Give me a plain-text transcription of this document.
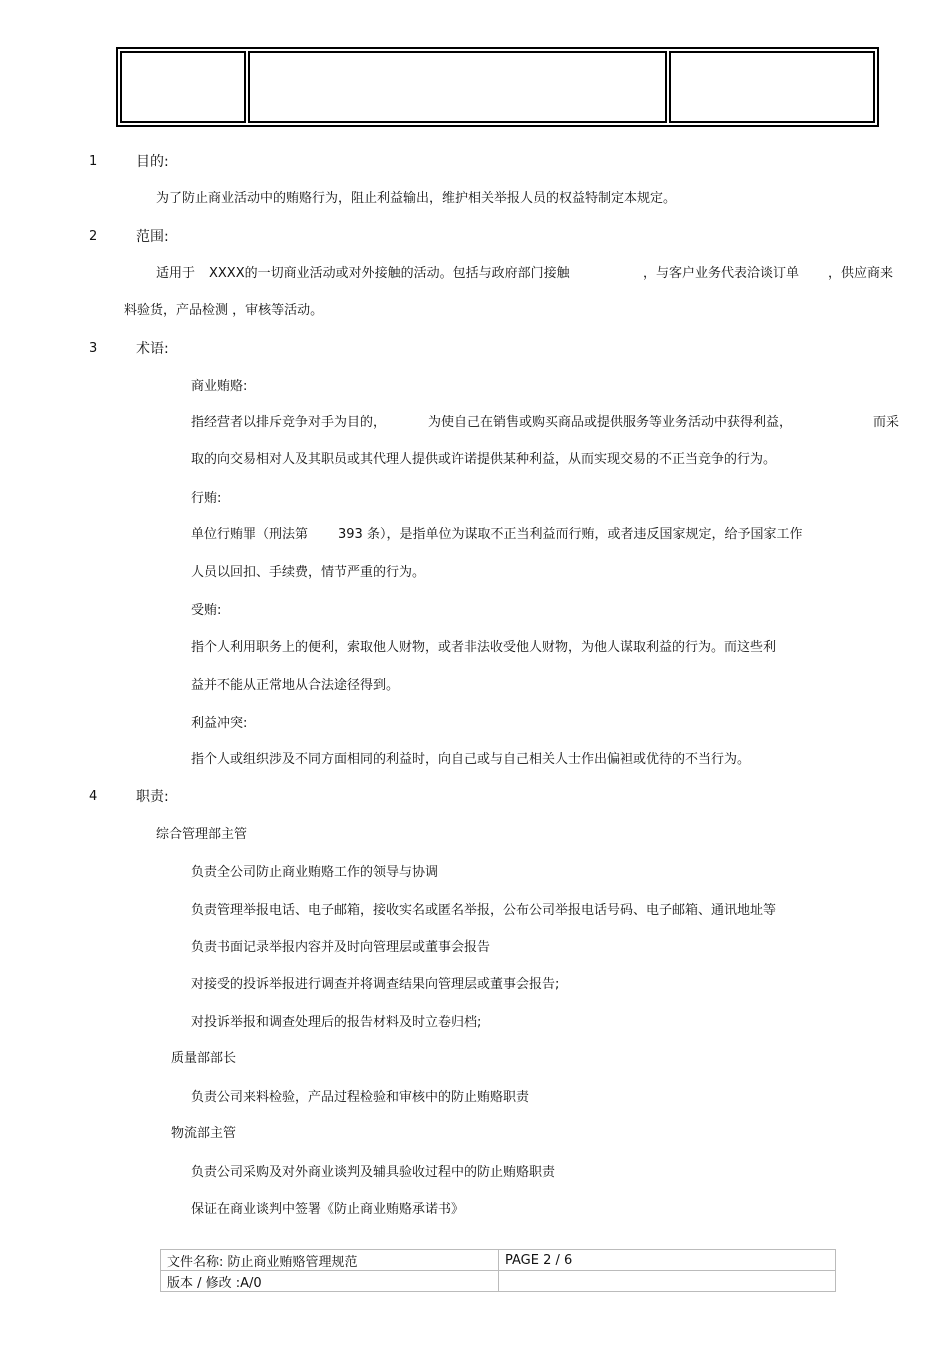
1	目的:
为了防止商业活动中的贿赂行为，阻止利益输出，维护相关举报人员的权益特制定本规定。
2	范围:
适用于 XXXX的一切商业活动或对外接触的活动。包括与政府部门接触	，与客户业务代表洽谈订单 ，供应商来
料验货，产品检测 ，审核等活动。
3	术语:
商业贿赂:
指经营者以排斥竞争对手为目的，	为使自己在销售或购买商品或提供服务等业务活动中获得利益，	而采
取的向交易相对人及其职员或其代理人提供或许诺提供某种利益，从而实现交易的不正当竞争的行为。
行贿:
单位行贿罪（刑法第 393 条），是指单位为谋取不正当利益而行贿，或者违反国家规定，给予国家工作
人员以回扣、手续费，情节严重的行为。
受贿:
指个人利用职务上的便利，索取他人财物，或者非法收受他人财物，为他人谋取利益的行为。而这些利
益并不能从正常地从合法途径得到。
利益冲突:
指个人或组织涉及不同方面相同的利益时，向自己或与自己相关人士作出偏袒或优待的不当行为。
4	职责:
综合管理部主管
负责全公司防止商业贿赂工作的领导与协调
负责管理举报电话、电子邮箱，接收实名或匿名举报，公布公司举报电话号码、电子邮箱、通讯地址等
负责书面记录举报内容并及时向管理层或董事会报告
对接受的投诉举报进行调查并将调查结果向管理层或董事会报告;
对投诉举报和调查处理后的报告材料及时立卷归档;
质量部部长
负责公司来料检验，产品过程检验和审核中的防止贿赂职责
物流部主管
负责公司采购及对外商业谈判及辅具验收过程中的防止贿赂职责
保证在商业谈判中签署《防止商业贿赂承诺书》
文件名称: 防止商业贿赂管理规范	PAGE 2 / 6
版本 / 修改 :A/0	
